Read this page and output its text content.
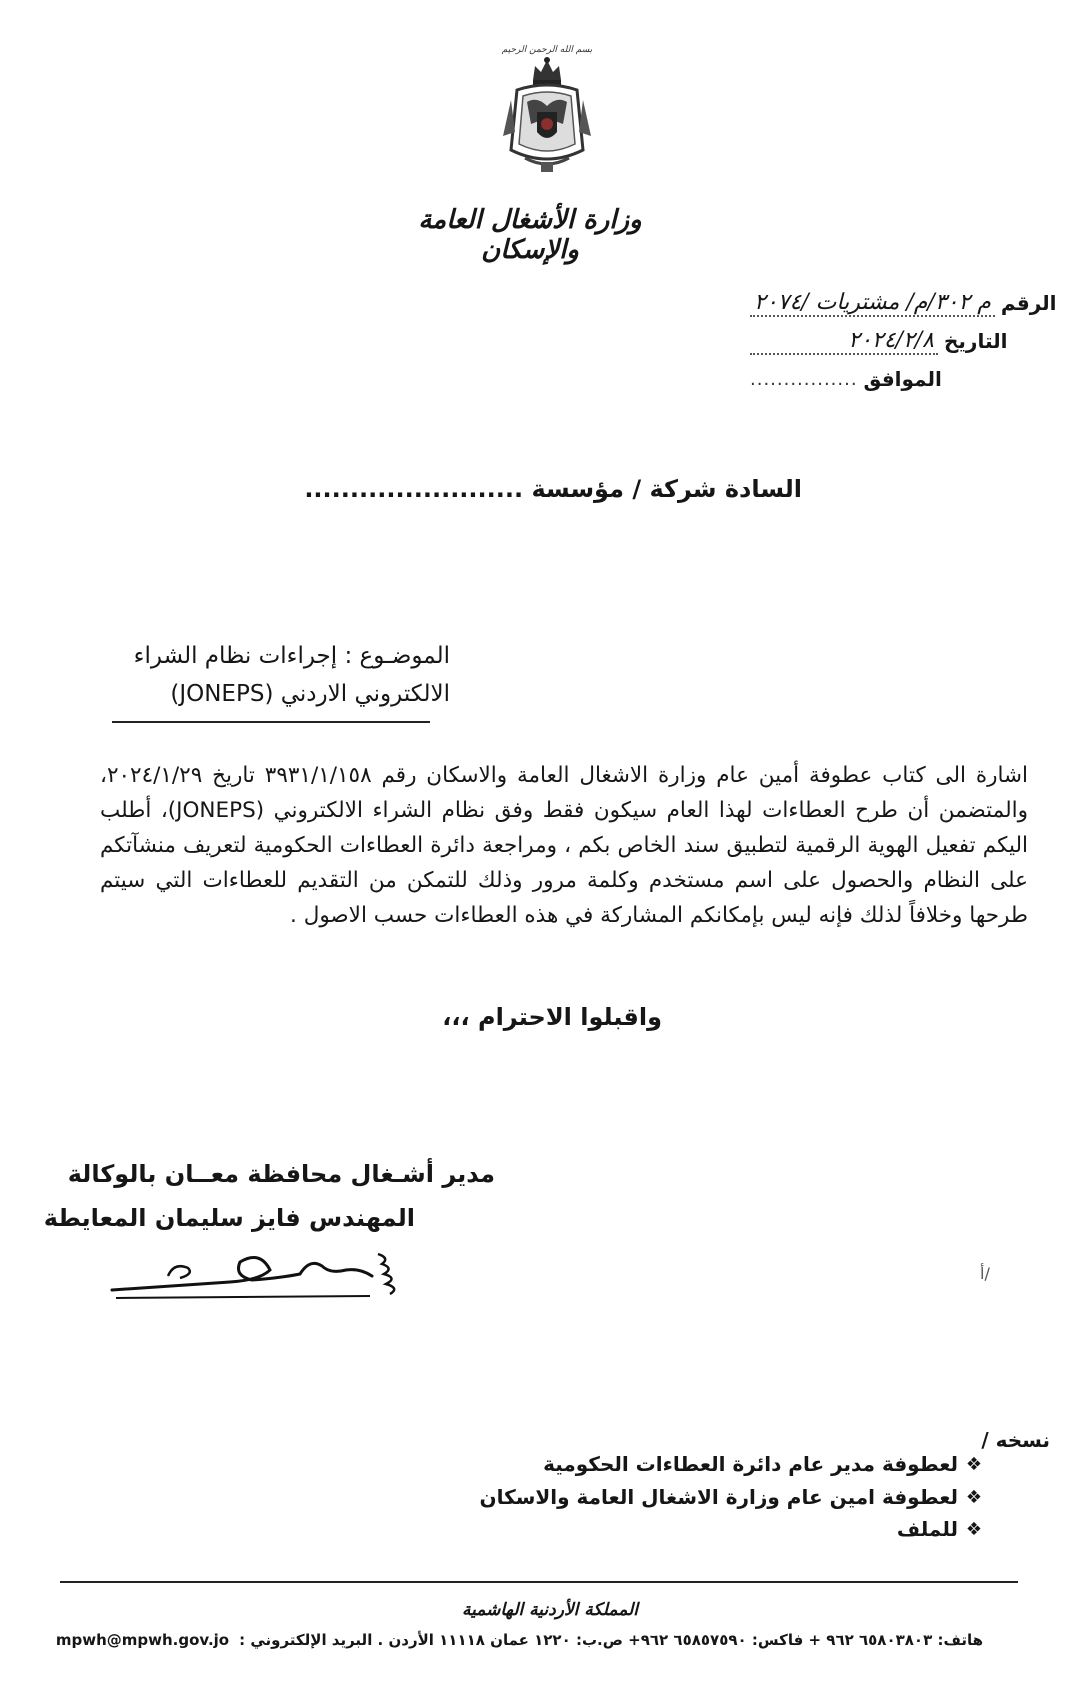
بسم الله الرحمن الرحيم
وزارة الأشغال العامة والإسكان
الرقم
م ٣٠٢/م/ مشتريات /٢٠٧٤
التاريخ
٢٠٢٤/٢/٨
الموافق
................
السادة شركة / مؤسسة ........................
الموضـوع : إجراءات نظام الشراء
الالكتروني الاردني (JONEPS)
اشارة الى كتاب عطوفة أمين عام وزارة الاشغال العامة والاسكان رقم ٣٩٣١/١/١٥٨ تاريخ ٢٠٢٤/١/٢٩، والمتضمن أن طرح العطاءات لهذا العام سيكون فقط وفق نظام الشراء الالكتروني (JONEPS)، أطلب اليكم تفعيل الهوية الرقمية لتطبيق سند الخاص بكم ، ومراجعة دائرة العطاءات الحكومية لتعريف منشآتكم على النظام والحصول على اسم مستخدم وكلمة مرور وذلك للتمكن من التقديم للعطاءات التي سيتم طرحها وخلافاً لذلك فإنه ليس بإمكانكم المشاركة في هذه العطاءات حسب الاصول .
واقبلوا الاحترام ،،،
مدير أشـغال محافظة معــان بالوكالة
المهندس فايز سليمان المعايطة
أ/
نسخه /
❖
لعطوفة مدير عام دائرة العطاءات الحكومية
❖
لعطوفة امين عام وزارة الاشغال العامة والاسكان
❖
للملف
المملكة الأردنية الهاشمية
هاتف: ٦٥٨٠٣٨٠٣ ٩٦٢ + فاكس: ٦٥٨٥٧٥٩٠ ٩٦٢+ ص.ب: ١٢٢٠ عمان ١١١١٨ الأردن . البريد الإلكتروني :
mpwh@mpwh.gov.jo
